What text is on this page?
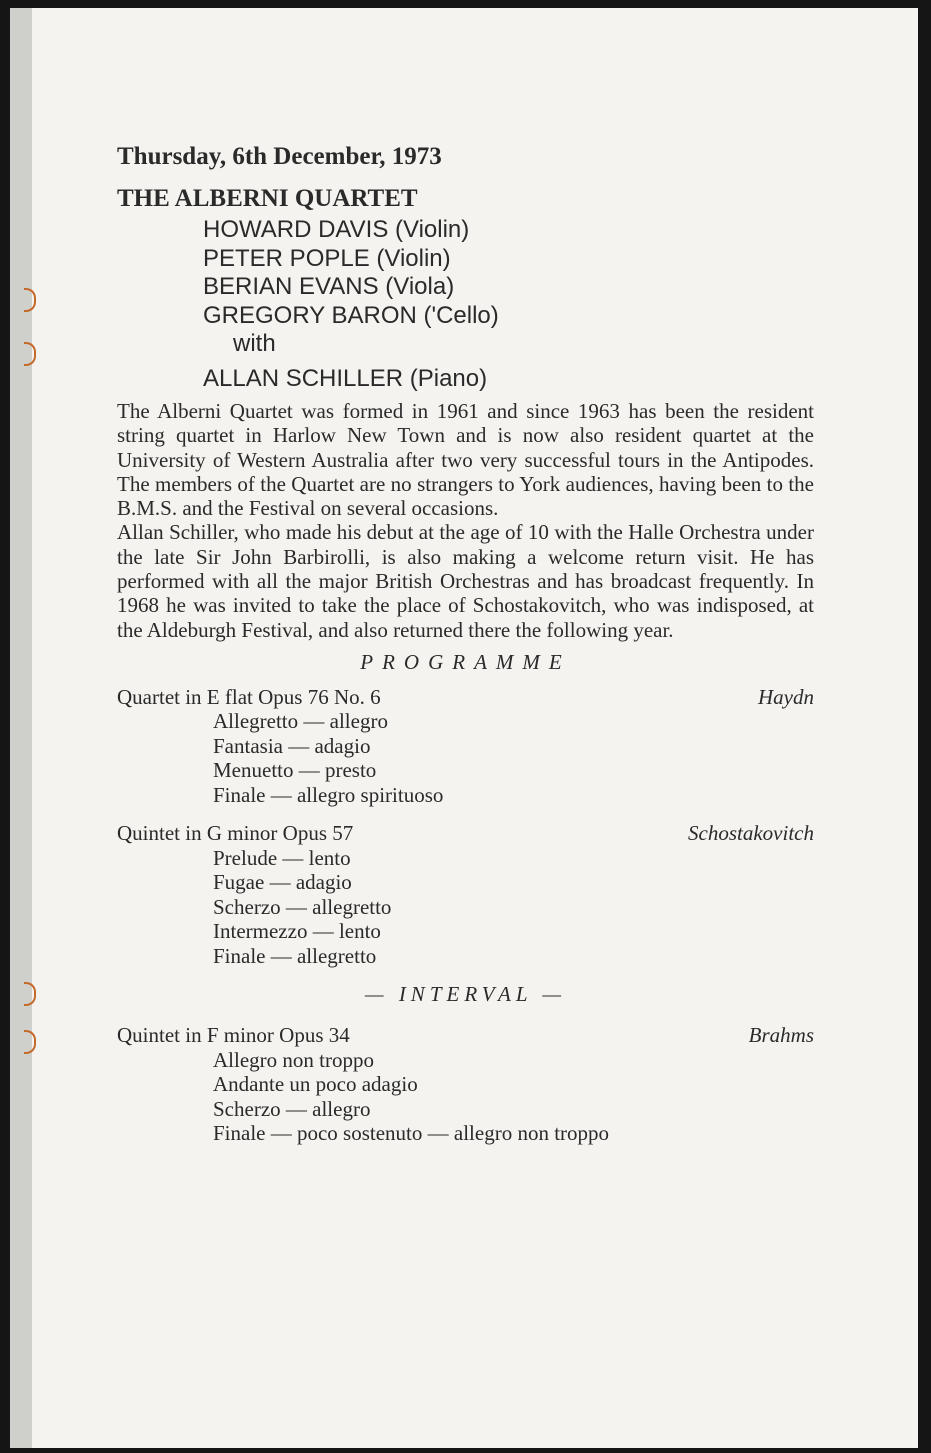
Thursday, 6th December, 1973
THE ALBERNI QUARTET
HOWARD DAVIS (Violin)
PETER POPLE (Violin)
BERIAN EVANS (Viola)
GREGORY BARON ('Cello)
with
ALLAN SCHILLER (Piano)

The Alberni Quartet was formed in 1961 and since 1963 has been the resident string quartet in Harlow New Town and is now also resident quartet at the University of Western Australia after two very successful tours in the Antipodes. The members of the Quartet are no strangers to York audiences, having been to the B.M.S. and the Festival on several occasions.

Allan Schiller, who made his debut at the age of 10 with the Halle Orchestra under the late Sir John Barbirolli, is also making a welcome return visit. He has performed with all the major British Orchestras and has broadcast frequently. In 1968 he was invited to take the place of Schostakovitch, who was indisposed, at the Aldeburgh Festival, and also returned there the following year.

PROGRAMME
Quartet in E flat Opus 76 No. 6	Haydn
Allegretto — allegro
Fantasia — adagio
Menuetto — presto
Finale — allegro spirituoso
Quintet in G minor Opus 57	Schostakovitch
Prelude — lento
Fugae — adagio
Scherzo — allegretto
Intermezzo — lento
Finale — allegretto
— INTERVAL —
Quintet in F minor Opus 34	Brahms
Allegro non troppo
Andante un poco adagio
Scherzo — allegro
Finale — poco sostenuto — allegro non troppo
